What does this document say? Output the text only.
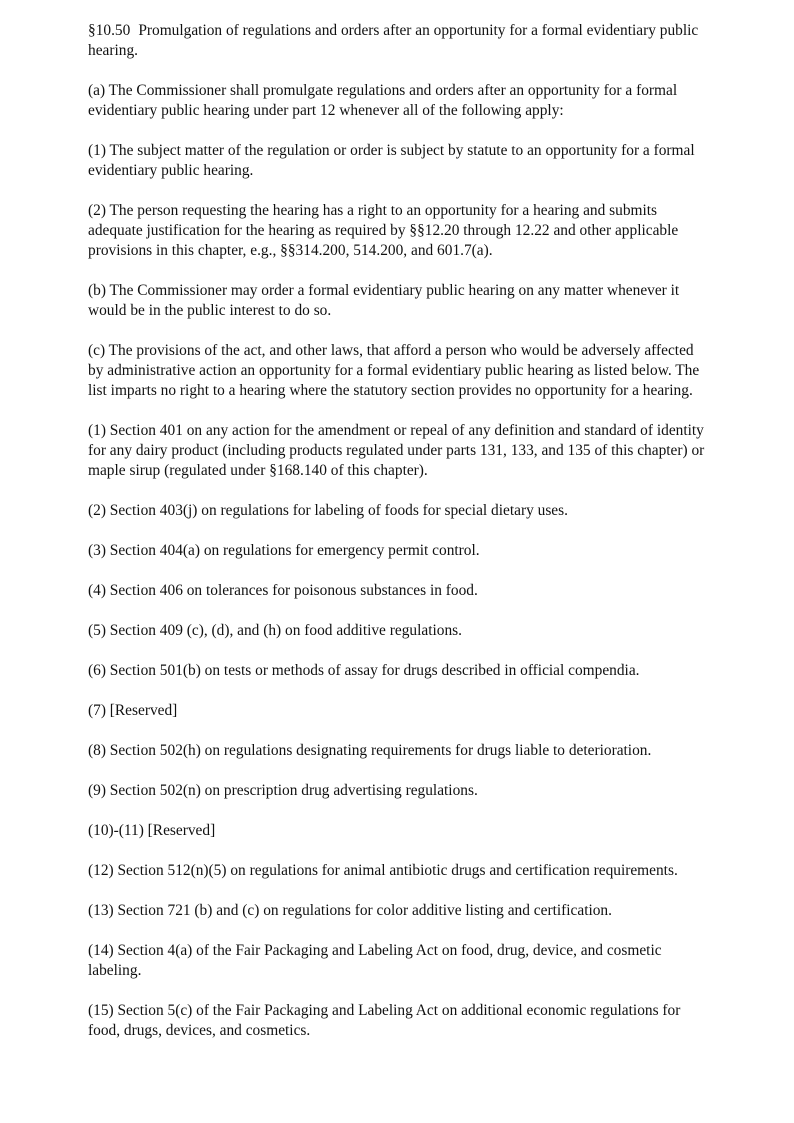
§10.50 Promulgation of regulations and orders after an opportunity for a formal evidentiary public hearing.

(a) The Commissioner shall promulgate regulations and orders after an opportunity for a formal evidentiary public hearing under part 12 whenever all of the following apply:

(1) The subject matter of the regulation or order is subject by statute to an opportunity for a formal evidentiary public hearing.

(2) The person requesting the hearing has a right to an opportunity for a hearing and submits adequate justification for the hearing as required by §§12.20 through 12.22 and other applicable provisions in this chapter, e.g., §§314.200, 514.200, and 601.7(a).

(b) The Commissioner may order a formal evidentiary public hearing on any matter whenever it would be in the public interest to do so.

(c) The provisions of the act, and other laws, that afford a person who would be adversely affected by administrative action an opportunity for a formal evidentiary public hearing as listed below. The list imparts no right to a hearing where the statutory section provides no opportunity for a hearing.

(1) Section 401 on any action for the amendment or repeal of any definition and standard of identity for any dairy product (including products regulated under parts 131, 133, and 135 of this chapter) or maple sirup (regulated under §168.140 of this chapter).

(2) Section 403(j) on regulations for labeling of foods for special dietary uses.

(3) Section 404(a) on regulations for emergency permit control.

(4) Section 406 on tolerances for poisonous substances in food.

(5) Section 409 (c), (d), and (h) on food additive regulations.

(6) Section 501(b) on tests or methods of assay for drugs described in official compendia.

(7) [Reserved]

(8) Section 502(h) on regulations designating requirements for drugs liable to deterioration.

(9) Section 502(n) on prescription drug advertising regulations.

(10)-(11) [Reserved]

(12) Section 512(n)(5) on regulations for animal antibiotic drugs and certification requirements.

(13) Section 721 (b) and (c) on regulations for color additive listing and certification.

(14) Section 4(a) of the Fair Packaging and Labeling Act on food, drug, device, and cosmetic labeling.

(15) Section 5(c) of the Fair Packaging and Labeling Act on additional economic regulations for food, drugs, devices, and cosmetics.
